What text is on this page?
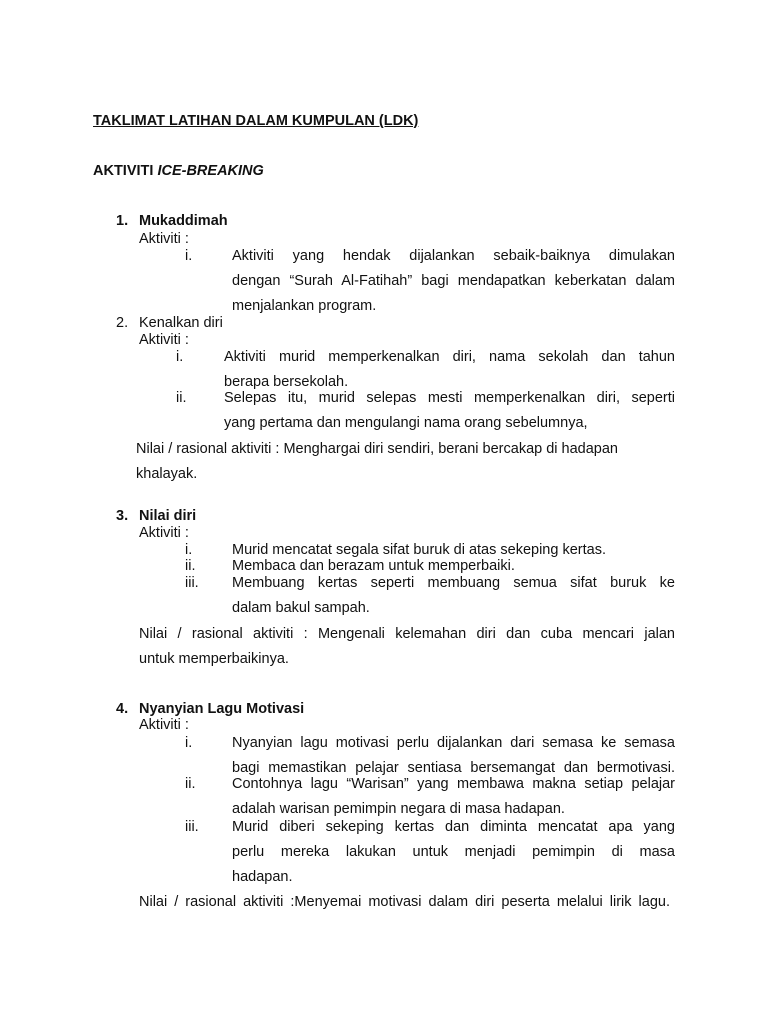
TAKLIMAT LATIHAN DALAM KUMPULAN (LDK)
AKTIVITI ICE-BREAKING
1. Mukaddimah
Aktiviti :
i.	Aktiviti yang hendak dijalankan sebaik-baiknya dimulakan
dengan “Surah Al-Fatihah” bagi mendapatkan keberkatan dalam
menjalankan program.
2. Kenalkan diri
Aktiviti :
i.	Aktiviti murid memperkenalkan diri, nama sekolah dan tahun
berapa bersekolah.
ii.	Selepas itu, murid selepas mesti memperkenalkan diri, seperti
yang pertama dan mengulangi nama orang sebelumnya,
Nilai / rasional aktiviti : Menghargai diri sendiri, berani bercakap di hadapan
khalayak.
3. Nilai diri
Aktiviti :
i.	Murid mencatat segala sifat buruk di atas sekeping kertas.
ii.	Membaca dan berazam untuk memperbaiki.
iii. Membuang kertas seperti membuang semua sifat buruk ke
dalam bakul sampah.
Nilai / rasional aktiviti : Mengenali kelemahan diri dan cuba mencari jalan
untuk memperbaikinya.
4. Nyanyian Lagu Motivasi
Aktiviti :
i.	Nyanyian lagu motivasi perlu dijalankan dari semasa ke semasa
bagi memastikan pelajar sentiasa bersemangat dan bermotivasi.
ii.	Contohnya lagu “Warisan” yang membawa makna setiap pelajar
adalah warisan pemimpin negara di masa hadapan.
iii. Murid diberi sekeping kertas dan diminta mencatat apa yang
perlu mereka lakukan untuk menjadi pemimpin di masa
hadapan.
Nilai / rasional aktiviti :Menyemai motivasi dalam diri peserta melalui lirik lagu.
